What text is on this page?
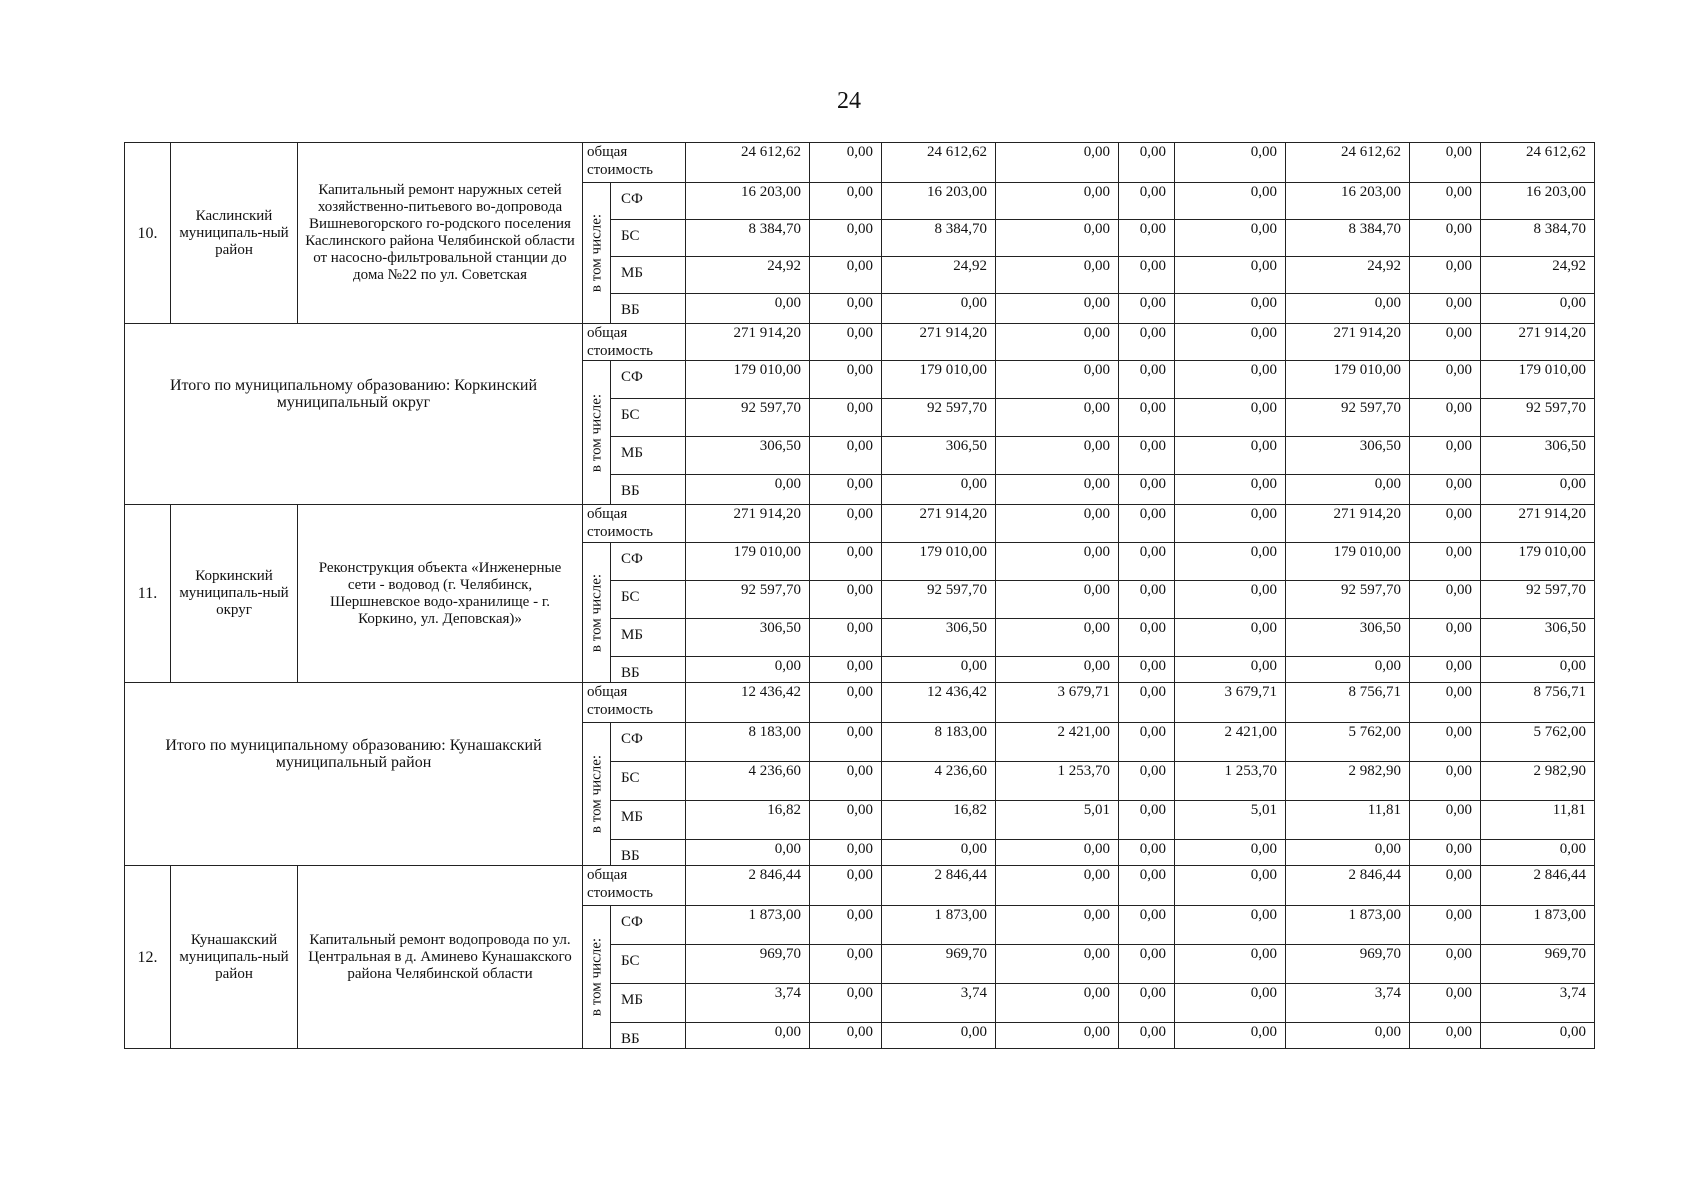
24
10.	Каслинский муниципаль-ный район	Капитальный ремонт наружных сетей хозяйственно-питьевого во-допровода Вишневогорского го-родского поселения Каслинского района Челябинской области от насосно-фильтровальной станции до дома №22 по ул. Советская	общая стоимость		24 612,62	0,00	24 612,62	0,00	0,00	0,00	24 612,62	0,00	24 612,62

			в том числе:	СФ	16 203,00	0,00	16 203,00	0,00	0,00	0,00	16 203,00	0,00	16 203,00
				БС	8 384,70	0,00	8 384,70	0,00	0,00	0,00	8 384,70	0,00	8 384,70
				МБ	24,92	0,00	24,92	0,00	0,00	0,00	24,92	0,00	24,92
				ВБ	0,00	0,00	0,00	0,00	0,00	0,00	0,00	0,00	0,00
Итого по муниципальному образованию: Коркинский муниципальный округ			общая стоимость		271 914,20	0,00	271 914,20	0,00	0,00	0,00	271 914,20	0,00	271 914,20

			в том числе:	СФ	179 010,00	0,00	179 010,00	0,00	0,00	0,00	179 010,00	0,00	179 010,00
				БС	92 597,70	0,00	92 597,70	0,00	0,00	0,00	92 597,70	0,00	92 597,70
				МБ	306,50	0,00	306,50	0,00	0,00	0,00	306,50	0,00	306,50
				ВБ	0,00	0,00	0,00	0,00	0,00	0,00	0,00	0,00	0,00
11.	Коркинский муниципаль-ный округ	Реконструкция объекта «Инженерные сети - водовод (г. Челябинск, Шершневское водо-хранилище - г. Коркино, ул. Деповская)»	общая стоимость		271 914,20	0,00	271 914,20	0,00	0,00	0,00	271 914,20	0,00	271 914,20

			в том числе:	СФ	179 010,00	0,00	179 010,00	0,00	0,00	0,00	179 010,00	0,00	179 010,00
				БС	92 597,70	0,00	92 597,70	0,00	0,00	0,00	92 597,70	0,00	92 597,70
				МБ	306,50	0,00	306,50	0,00	0,00	0,00	306,50	0,00	306,50
				ВБ	0,00	0,00	0,00	0,00	0,00	0,00	0,00	0,00	0,00
Итого по муниципальному образованию: Кунашакский муниципальный район			общая стоимость		12 436,42	0,00	12 436,42	3 679,71	0,00	3 679,71	8 756,71	0,00	8 756,71

			в том числе:	СФ	8 183,00	0,00	8 183,00	2 421,00	0,00	2 421,00	5 762,00	0,00	5 762,00
				БС	4 236,60	0,00	4 236,60	1 253,70	0,00	1 253,70	2 982,90	0,00	2 982,90
				МБ	16,82	0,00	16,82	5,01	0,00	5,01	11,81	0,00	11,81
				ВБ	0,00	0,00	0,00	0,00	0,00	0,00	0,00	0,00	0,00
12.	Кунашакский муниципаль-ный район	Капитальный ремонт водопровода по ул. Центральная в д. Аминево Кунашакского района Челябинской области	общая стоимость		2 846,44	0,00	2 846,44	0,00	0,00	0,00	2 846,44	0,00	2 846,44

			в том числе:	СФ	1 873,00	0,00	1 873,00	0,00	0,00	0,00	1 873,00	0,00	1 873,00
				БС	969,70	0,00	969,70	0,00	0,00	0,00	969,70	0,00	969,70
				МБ	3,74	0,00	3,74	0,00	0,00	0,00	3,74	0,00	3,74
				ВБ	0,00	0,00	0,00	0,00	0,00	0,00	0,00	0,00	0,00
